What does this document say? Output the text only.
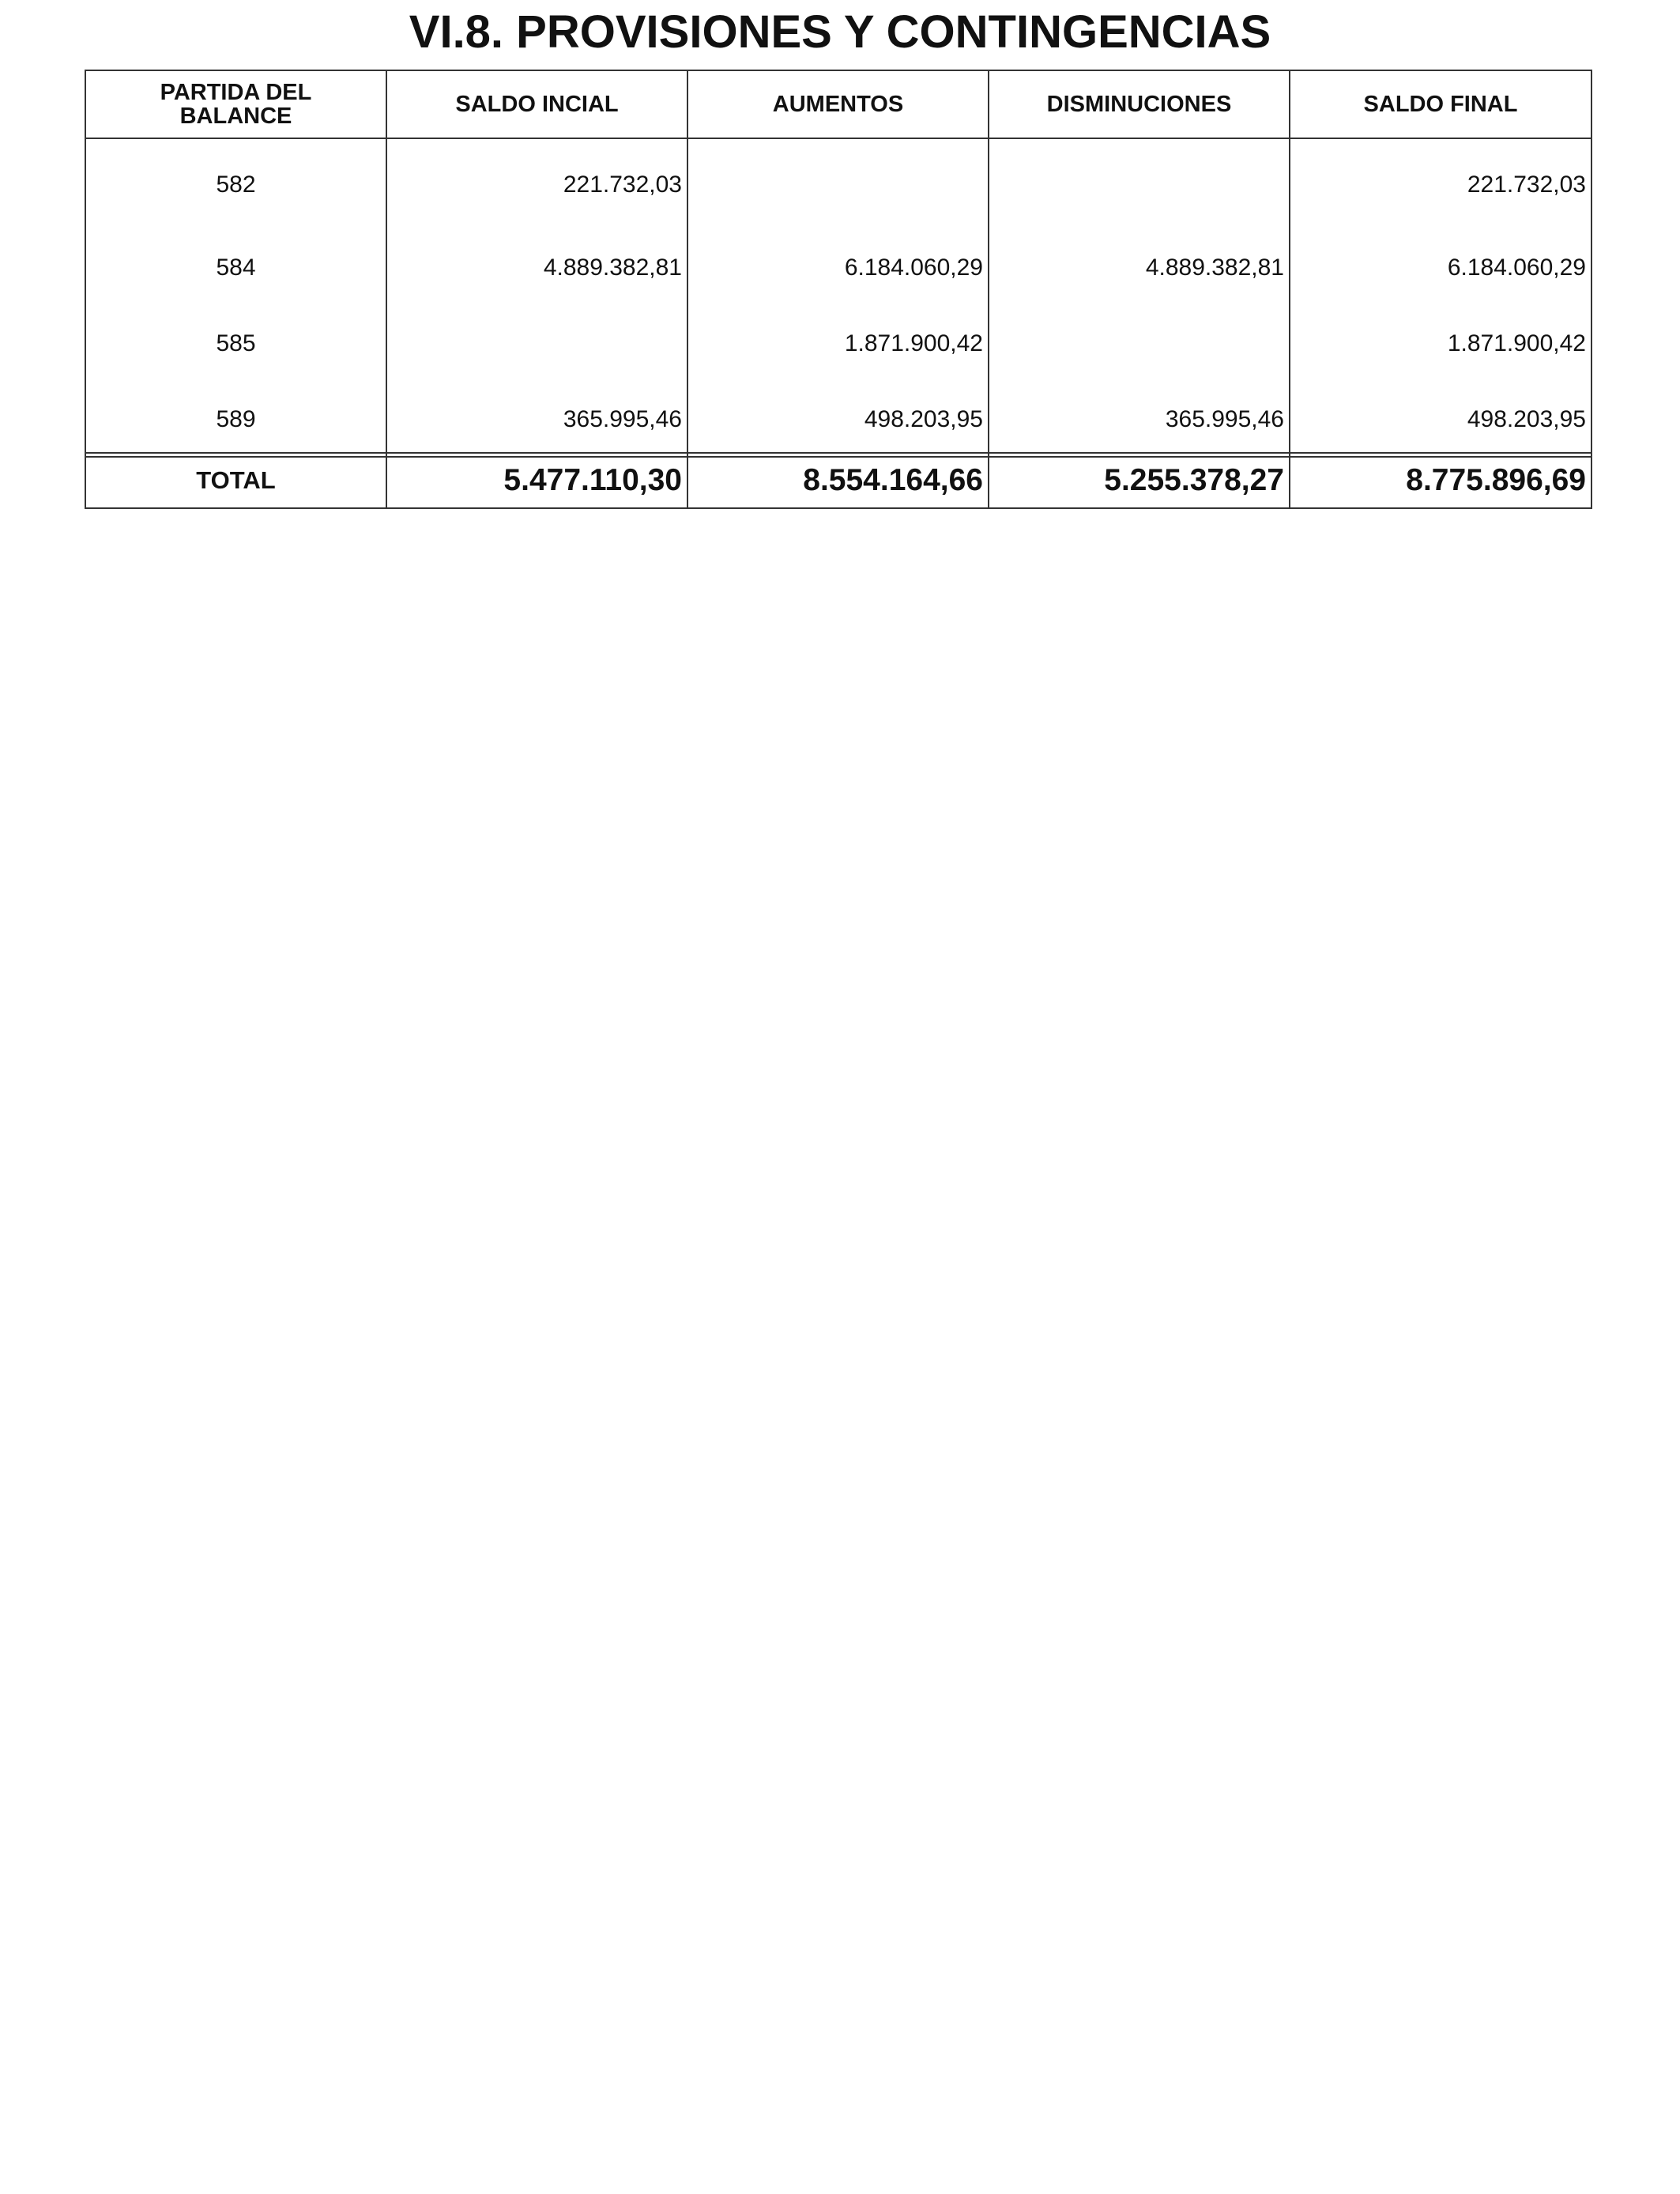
VI.8. PROVISIONES Y CONTINGENCIAS
PARTIDA DEL BALANCE	SALDO INCIAL	AUMENTOS	DISMINUCIONES	SALDO FINAL

582	221.732,03			221.732,03

584	4.889.382,81	6.184.060,29	4.889.382,81	6.184.060,29

585		1.871.900,42		1.871.900,42

589	365.995,46	498.203,95	365.995,46	498.203,95
TOTAL	5.477.110,30	8.554.164,66	5.255.378,27	8.775.896,69
